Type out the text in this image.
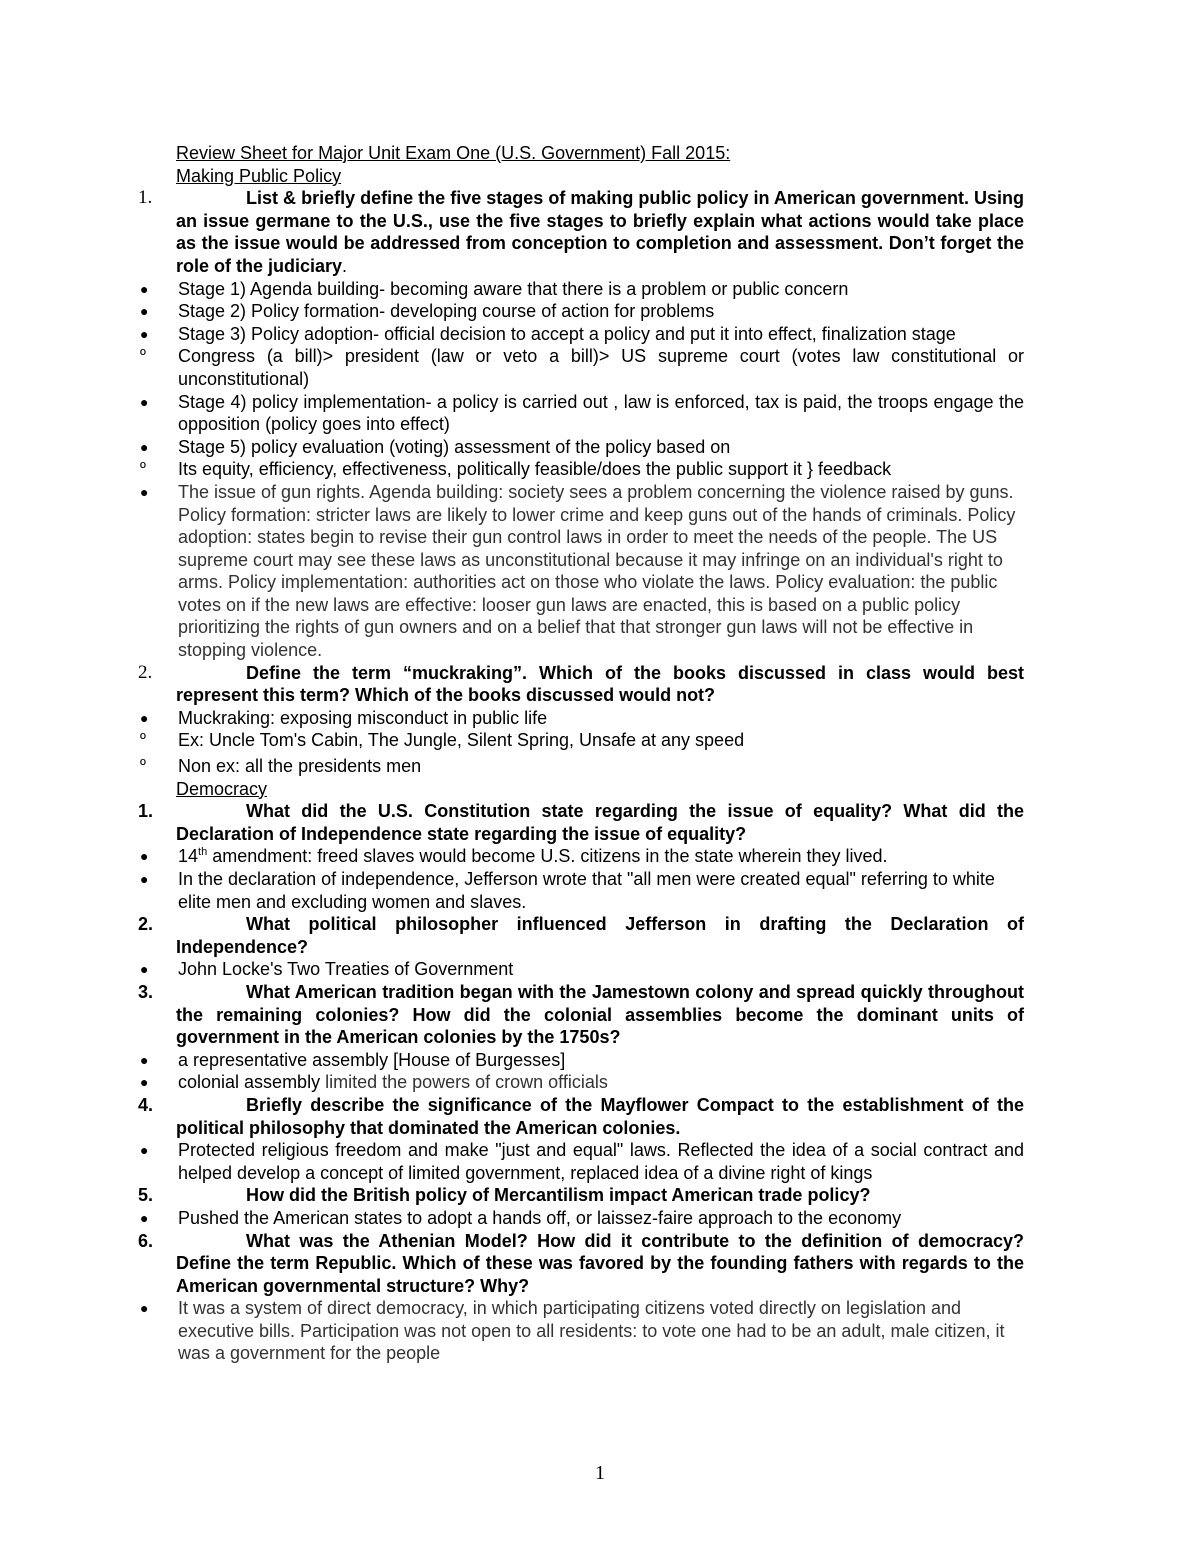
Review Sheet for Major Unit Exam One (U.S. Government) Fall 2015:
Making Public Policy
1.	List & briefly define the five stages of making public policy in American government. Using an issue germane to the U.S., use the five stages to briefly explain what actions would take place as the issue would be addressed from conception to completion and assessment. Don’t forget the role of the judiciary.
●	Stage 1) Agenda building- becoming aware that there is a problem or public concern
●	Stage 2) Policy formation- developing course of action for problems
●	Stage 3) Policy adoption- official decision to accept a policy and put it into effect, finalization stage
º	Congress (a bill)> president (law or veto a bill)> US supreme court (votes law constitutional or unconstitutional)
●	Stage 4) policy implementation- a policy is carried out , law is enforced, tax is paid, the troops engage the opposition (policy goes into effect)
●	Stage 5) policy evaluation (voting) assessment of the policy based on
º	Its equity, efficiency, effectiveness, politically feasible/does the public support it } feedback
●	The issue of gun rights. Agenda building: society sees a problem concerning the violence raised by guns. Policy formation: stricter laws are likely to lower crime and keep guns out of the hands of criminals. Policy adoption: states begin to revise their gun control laws in order to meet the needs of the people. The US supreme court may see these laws as unconstitutional because it may infringe on an individual's right to arms. Policy implementation: authorities act on those who violate the laws. Policy evaluation: the public votes on if the new laws are effective: looser gun laws are enacted, this is based on a public policy prioritizing the rights of gun owners and on a belief that that stronger gun laws will not be effective in stopping violence.
2.	Define the term “muckraking”. Which of the books discussed in class would best represent this term? Which of the books discussed would not?
●	Muckraking: exposing misconduct in public life
º	Ex: Uncle Tom's Cabin, The Jungle, Silent Spring, Unsafe at any speed
º	Non ex: all the presidents men
Democracy
1.	What did the U.S. Constitution state regarding the issue of equality? What did the Declaration of Independence state regarding the issue of equality?
●	14th amendment: freed slaves would become U.S. citizens in the state wherein they lived.
●	In the declaration of independence, Jefferson wrote that "all men were created equal" referring to white elite men and excluding women and slaves.
2.	What political philosopher influenced Jefferson in drafting the Declaration of Independence?
●	John Locke's Two Treaties of Government
3.	What American tradition began with the Jamestown colony and spread quickly throughout the remaining colonies? How did the colonial assemblies become the dominant units of government in the American colonies by the 1750s?
●	a representative assembly [House of Burgesses]
●	colonial assembly limited the powers of crown officials
4.	Briefly describe the significance of the Mayflower Compact to the establishment of the political philosophy that dominated the American colonies.
●	Protected religious freedom and make "just and equal" laws. Reflected the idea of a social contract and helped develop a concept of limited government, replaced idea of a divine right of kings
5.	How did the British policy of Mercantilism impact American trade policy?
●	Pushed the American states to adopt a hands off, or laissez-faire approach to the economy
6.	What was the Athenian Model? How did it contribute to the definition of democracy? Define the term Republic. Which of these was favored by the founding fathers with regards to the American governmental structure? Why?
●	It was a system of direct democracy, in which participating citizens voted directly on legislation and executive bills. Participation was not open to all residents: to vote one had to be an adult, male citizen, it was a government for the people
1
